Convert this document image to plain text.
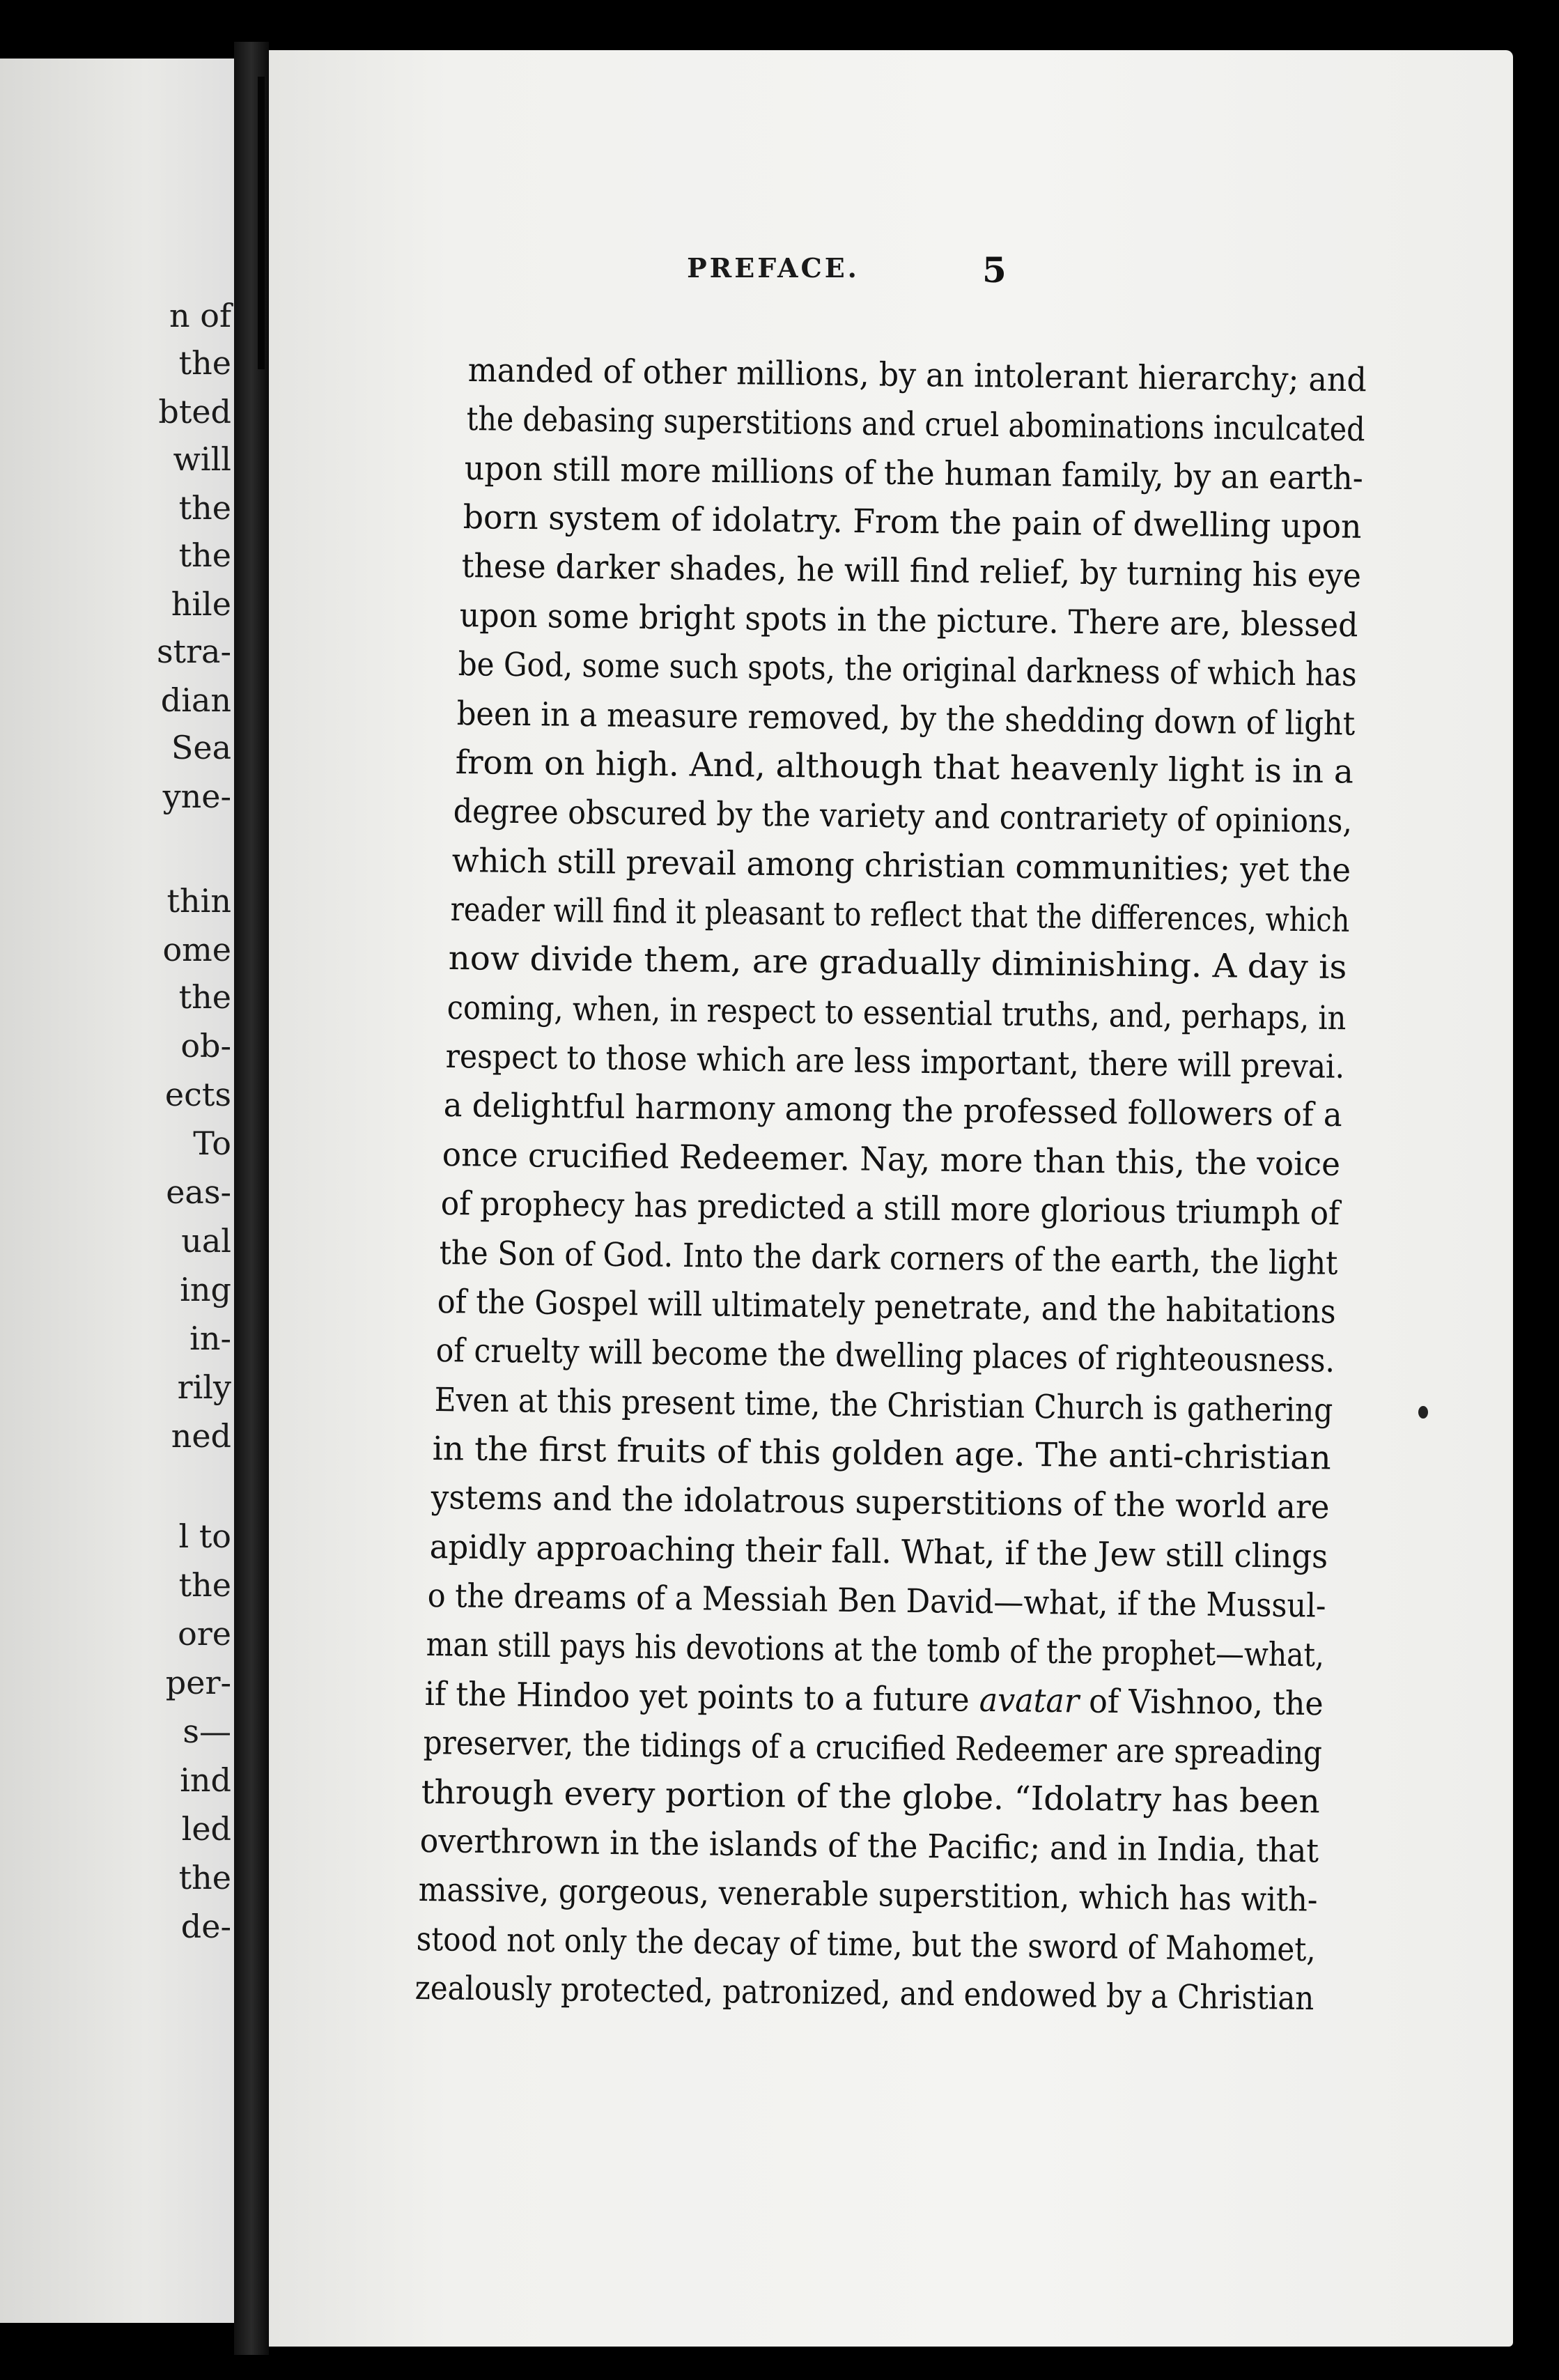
n of
the
bted
will
the
the
hile
stra-
dian
Sea
yne-
thin
ome
the
ob-
ects
To
eas-
ual
ing
in-
rily
ned
l to
the
ore
per-
s—
ind
led
the
de-
PREFACE.	5
manded of other millions, by an intolerant hierarchy; and
the debasing superstitions and cruel abominations inculcated
upon still more millions of the human family, by an earth-
born system of idolatry. From the pain of dwelling upon
these darker shades, he will find relief, by turning his eye
upon some bright spots in the picture. There are, blessed
be God, some such spots, the original darkness of which has
been in a measure removed, by the shedding down of light
from on high. And, although that heavenly light is in a
degree obscured by the variety and contrariety of opinions,
which still prevail among christian communities; yet the
reader will find it pleasant to reflect that the differences, which
now divide them, are gradually diminishing. A day is
coming, when, in respect to essential truths, and, perhaps, in
respect to those which are less important, there will prevai.
a delightful harmony among the professed followers of a
once crucified Redeemer. Nay, more than this, the voice
of prophecy has predicted a still more glorious triumph of
the Son of God. Into the dark corners of the earth, the light
of the Gospel will ultimately penetrate, and the habitations
of cruelty will become the dwelling places of righteousness.
Even at this present time, the Christian Church is gathering
in the first fruits of this golden age. The anti-christian
ystems and the idolatrous superstitions of the world are
apidly approaching their fall. What, if the Jew still clings
o the dreams of a Messiah Ben David—what, if the Mussul-
man still pays his devotions at the tomb of the prophet—what,
if the Hindoo yet points to a future avatar of Vishnoo, the
preserver, the tidings of a crucified Redeemer are spreading
through every portion of the globe. “Idolatry has been
overthrown in the islands of the Pacific; and in India, that
massive, gorgeous, venerable superstition, which has with-
stood not only the decay of time, but the sword of Mahomet,
zealously protected, patronized, and endowed by a Christian
